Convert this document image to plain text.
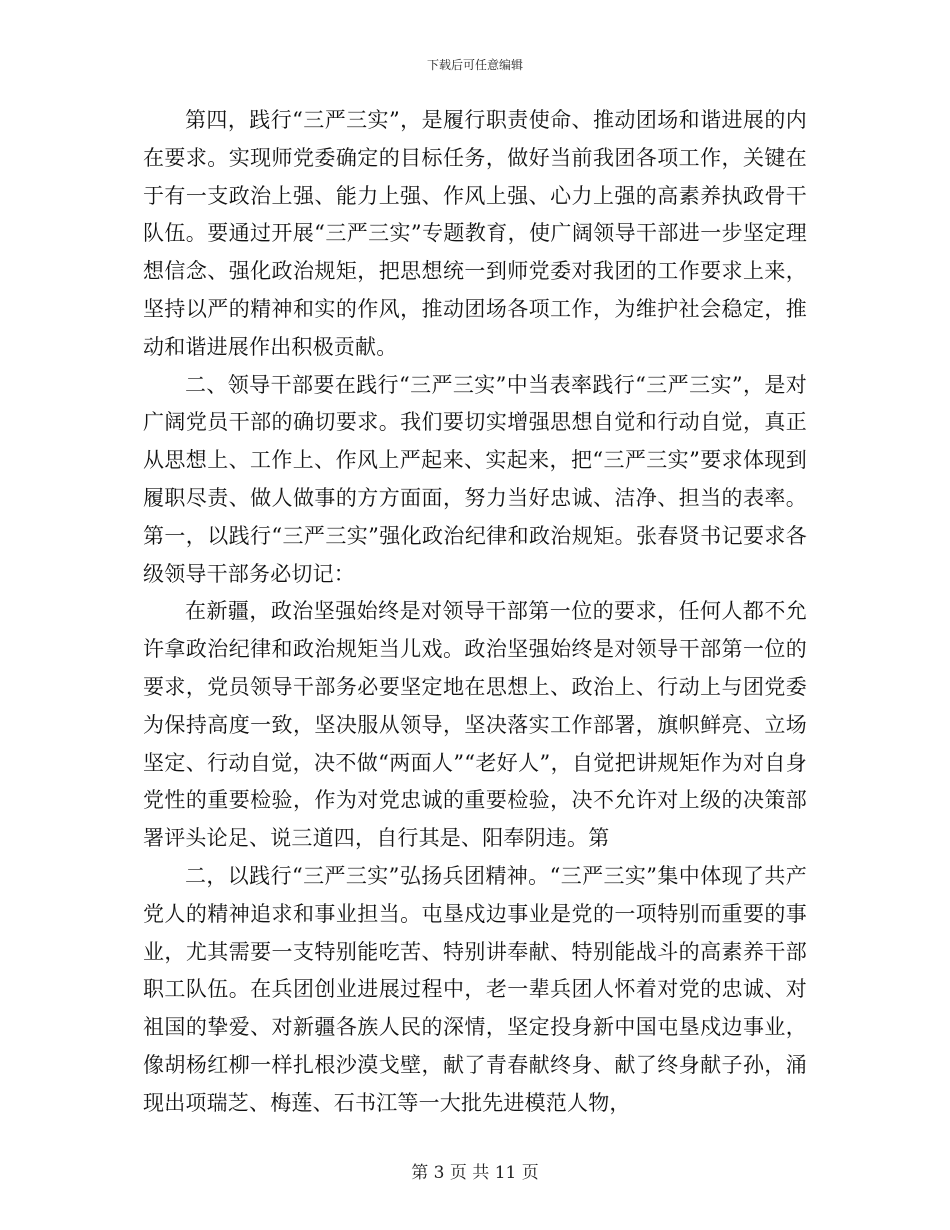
下载后可任意编辑

第四，践行“三严三实”，是履行职责使命、推动团场和谐进展的内在要求。实现师党委确定的目标任务，做好当前我团各项工作，关键在于有一支政治上强、能力上强、作风上强、心力上强的高素养执政骨干队伍。要通过开展“三严三实”专题教育，使广阔领导干部进一步坚定理想信念、强化政治规矩，把思想统一到师党委对我团的工作要求上来，坚持以严的精神和实的作风，推动团场各项工作，为维护社会稳定，推动和谐进展作出积极贡献。

二、领导干部要在践行“三严三实”中当表率践行“三严三实”，是对广阔党员干部的确切要求。我们要切实增强思想自觉和行动自觉，真正从思想上、工作上、作风上严起来、实起来，把“三严三实”要求体现到履职尽责、做人做事的方方面面，努力当好忠诚、洁净、担当的表率。第一，以践行“三严三实”强化政治纪律和政治规矩。张春贤书记要求各级领导干部务必切记：

在新疆，政治坚强始终是对领导干部第一位的要求，任何人都不允许拿政治纪律和政治规矩当儿戏。政治坚强始终是对领导干部第一位的要求，党员领导干部务必要坚定地在思想上、政治上、行动上与团党委为保持高度一致，坚决服从领导，坚决落实工作部署，旗帜鲜亮、立场坚定、行动自觉，决不做“两面人”“老好人”，自觉把讲规矩作为对自身党性的重要检验，作为对党忠诚的重要检验，决不允许对上级的决策部署评头论足、说三道四，自行其是、阳奉阴违。第

二，以践行“三严三实”弘扬兵团精神。“三严三实”集中体现了共产党人的精神追求和事业担当。屯垦戍边事业是党的一项特别而重要的事业，尤其需要一支特别能吃苦、特别讲奉献、特别能战斗的高素养干部职工队伍。在兵团创业进展过程中，老一辈兵团人怀着对党的忠诚、对祖国的挚爱、对新疆各族人民的深情，坚定投身新中国屯垦戍边事业，像胡杨红柳一样扎根沙漠戈壁，献了青春献终身、献了终身献子孙，涌现出项瑞芝、梅莲、石书江等一大批先进模范人物，

第 3 页 共 11 页
